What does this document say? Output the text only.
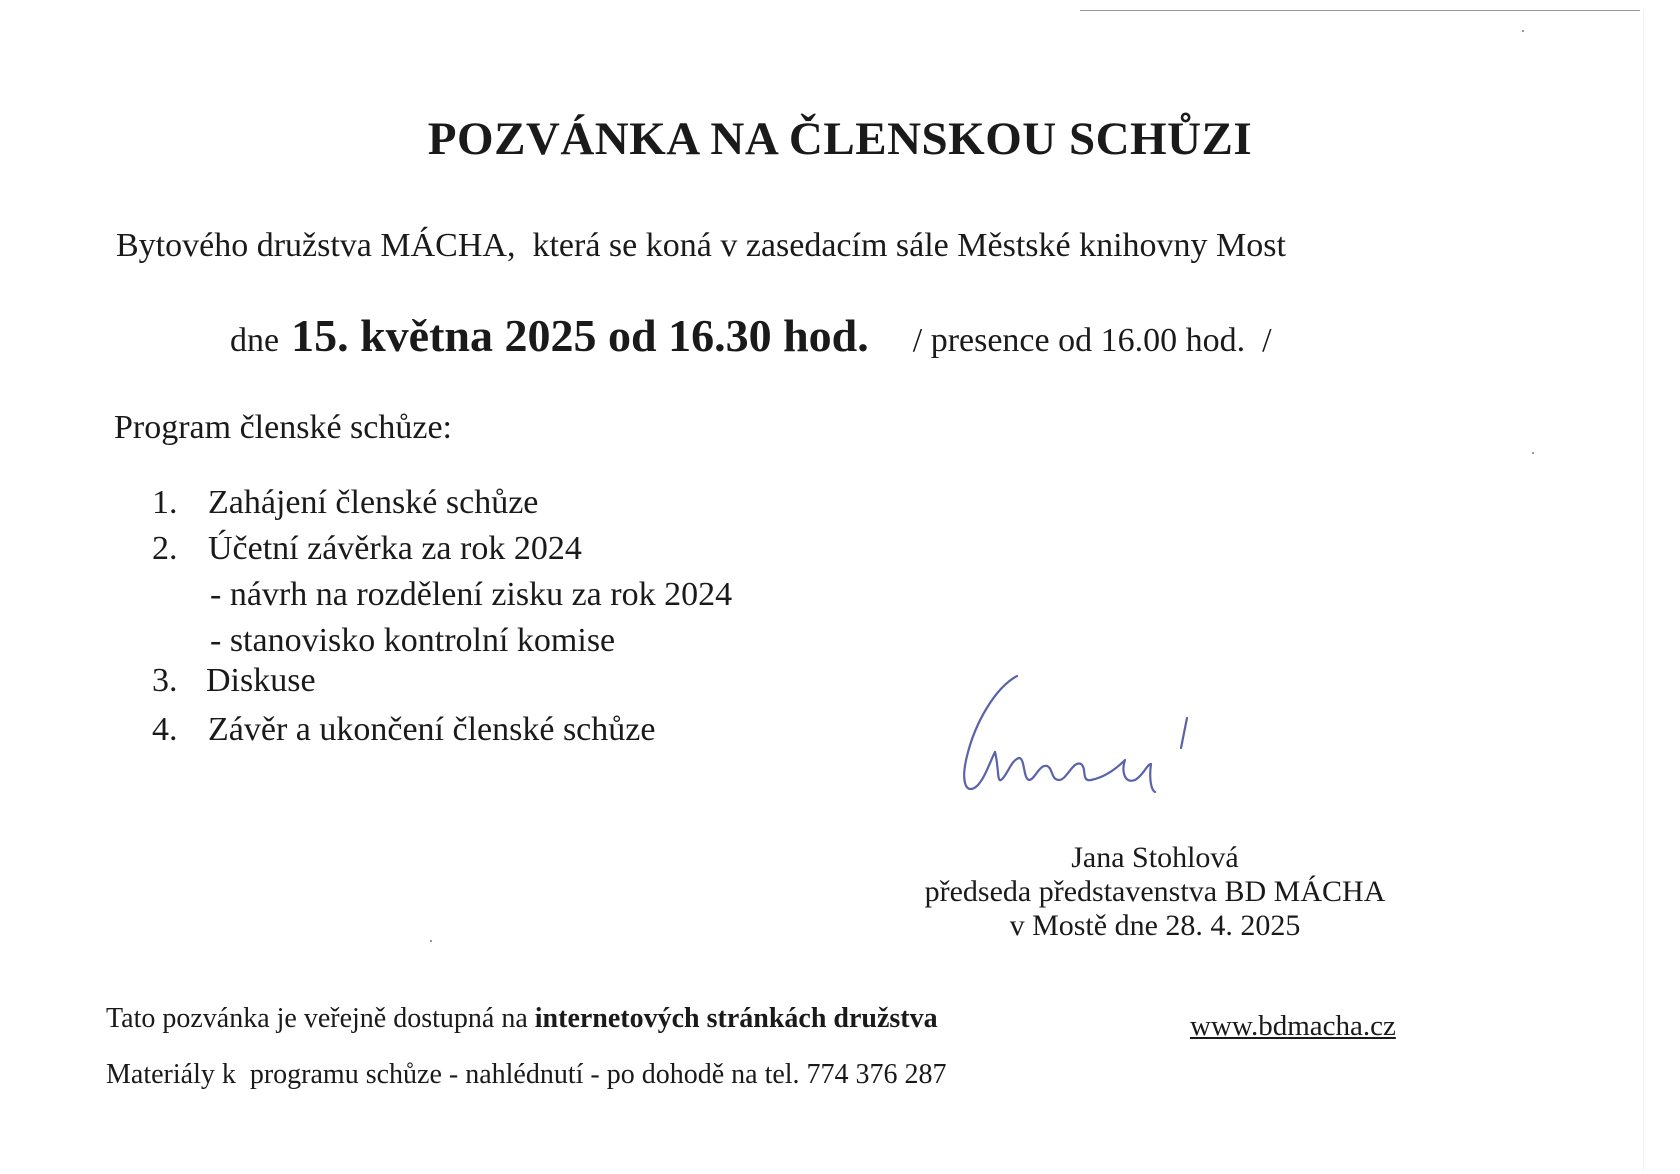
POZVÁNKA NA ČLENSKOU SCHŮZI
Bytového družstva MÁCHA,  která se koná v zasedacím sále Městské knihovny Most
dne 15. května 2025 od 16.30 hod. / presence od 16.00 hod.  /
Program členské schůze:
1. Zahájení členské schůze
2. Účetní závěrka za rok 2024
- návrh na rozdělení zisku za rok 2024
- stanovisko kontrolní komise
3. Diskuse
4. Závěr a ukončení členské schůze
Jana Stohlová
předseda představenstva BD MÁCHA
v Mostě dne 28. 4. 2025
Tato pozvánka je veřejně dostupná na internetových stránkách družstva	www.bdmacha.cz
Materiály k  programu schůze - nahlédnutí - po dohodě na tel. 774 376 287
